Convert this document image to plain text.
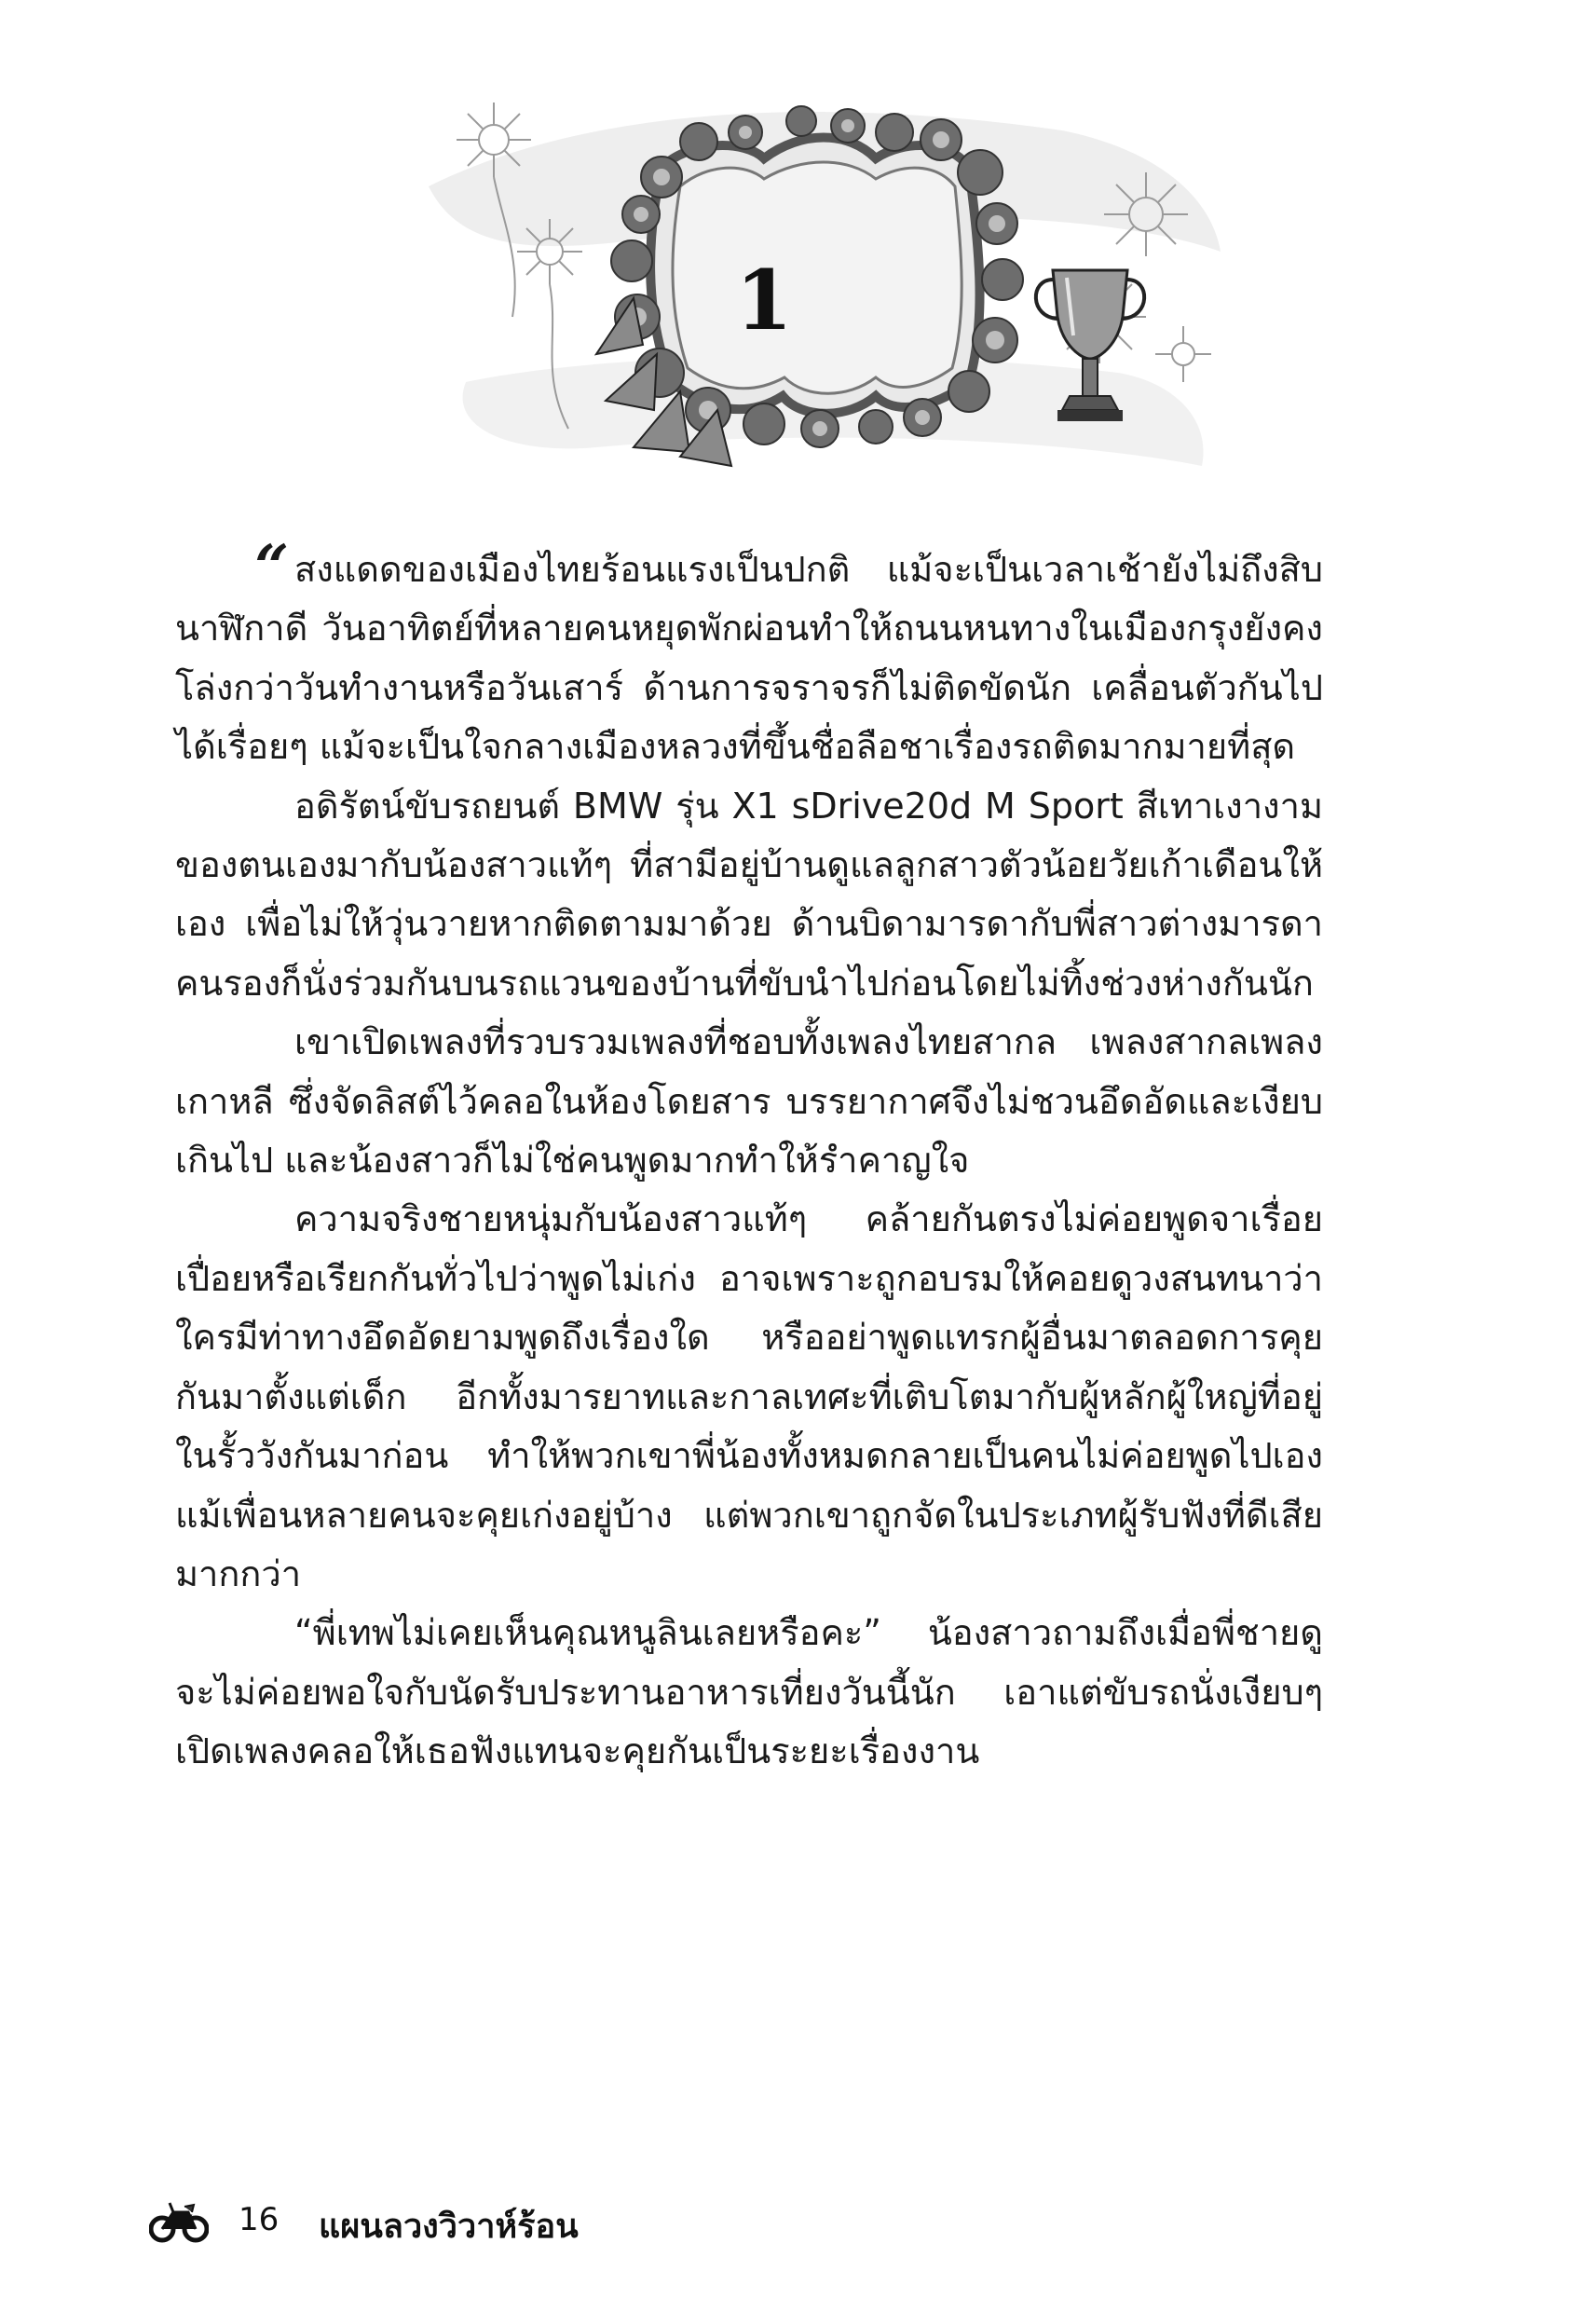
1

“ สงแดดของเมืองไทยร้อนแรงเป็นปกติ แม้จะเป็นเวลาเช้ายังไม่ถึงสิบนาฬิกาดี วันอาทิตย์ที่หลายคนหยุดพักผ่อนทำให้ถนนหนทางในเมืองกรุงยังคงโล่งกว่าวันทำงานหรือวันเสาร์ ด้านการจราจรก็ไม่ติดขัดนัก เคลื่อนตัวกันไปได้เรื่อยๆ แม้จะเป็นใจกลางเมืองหลวงที่ขึ้นชื่อลือชาเรื่องรถติดมากมายที่สุด

อดิรัตน์ขับรถยนต์ BMW รุ่น X1 sDrive20d M Sport สีเทาเงางามของตนเองมากับน้องสาวแท้ๆ ที่สามีอยู่บ้านดูแลลูกสาวตัวน้อยวัยเก้าเดือนให้เอง เพื่อไม่ให้วุ่นวายหากติดตามมาด้วย ด้านบิดามารดากับพี่สาวต่างมารดาคนรองก็นั่งร่วมกันบนรถแวนของบ้านที่ขับนำไปก่อนโดยไม่ทิ้งช่วงห่างกันนัก

เขาเปิดเพลงที่รวบรวมเพลงที่ชอบทั้งเพลงไทยสากล เพลงสากลเพลงเกาหลี ซึ่งจัดลิสต์ไว้คลอในห้องโดยสาร บรรยากาศจึงไม่ชวนอึดอัดและเงียบเกินไป และน้องสาวก็ไม่ใช่คนพูดมากทำให้รำคาญใจ

ความจริงชายหนุ่มกับน้องสาวแท้ๆ คล้ายกันตรงไม่ค่อยพูดจาเรื่อยเปื่อยหรือเรียกกันทั่วไปว่าพูดไม่เก่ง อาจเพราะถูกอบรมให้คอยดูวงสนทนาว่าใครมีท่าทางอึดอัดยามพูดถึงเรื่องใด หรืออย่าพูดแทรกผู้อื่นมาตลอดการคุยกันมาตั้งแต่เด็ก อีกทั้งมารยาทและกาลเทศะที่เติบโตมากับผู้หลักผู้ใหญ่ที่อยู่ในรั้ววังกันมาก่อน ทำให้พวกเขาพี่น้องทั้งหมดกลายเป็นคนไม่ค่อยพูดไปเอง แม้เพื่อนหลายคนจะคุยเก่งอยู่บ้าง แต่พวกเขาถูกจัดในประเภทผู้รับฟังที่ดีเสียมากกว่า

“พี่เทพไม่เคยเห็นคุณหนูลินเลยหรือคะ” น้องสาวถามถึงเมื่อพี่ชายดูจะไม่ค่อยพอใจกับนัดรับประทานอาหารเที่ยงวันนี้นัก เอาแต่ขับรถนั่งเงียบๆ เปิดเพลงคลอให้เธอฟังแทนจะคุยกันเป็นระยะเรื่องงาน

16 แผนลวงวิวาห์ร้อน
